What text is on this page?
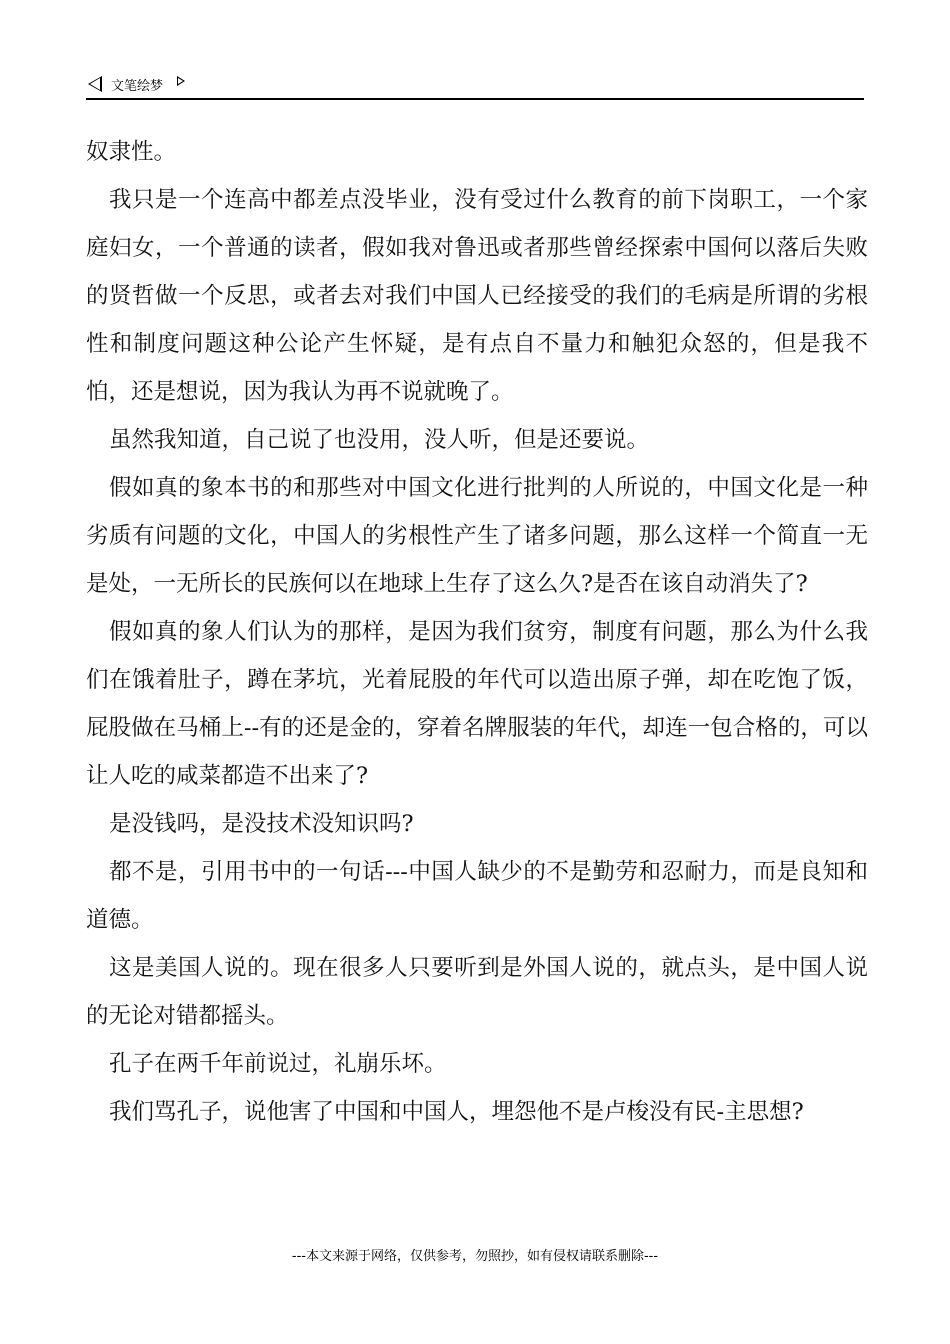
文笔绘梦

奴隶性。

我只是一个连高中都差点没毕业，没有受过什么教育的前下岗职工，一个家庭妇女，一个普通的读者，假如我对鲁迅或者那些曾经探索中国何以落后失败的贤哲做一个反思，或者去对我们中国人已经接受的我们的毛病是所谓的劣根性和制度问题这种公论产生怀疑，是有点自不量力和触犯众怒的，但是我不怕，还是想说，因为我认为再不说就晚了。

虽然我知道，自己说了也没用，没人听，但是还要说。

假如真的象本书的和那些对中国文化进行批判的人所说的，中国文化是一种劣质有问题的文化，中国人的劣根性产生了诸多问题，那么这样一个简直一无是处，一无所长的民族何以在地球上生存了这么久?是否在该自动消失了?

假如真的象人们认为的那样，是因为我们贫穷，制度有问题，那么为什么我们在饿着肚子，蹲在茅坑，光着屁股的年代可以造出原子弹，却在吃饱了饭，屁股做在马桶上--有的还是金的，穿着名牌服装的年代，却连一包合格的，可以让人吃的咸菜都造不出来了?

是没钱吗，是没技术没知识吗?

都不是，引用书中的一句话---中国人缺少的不是勤劳和忍耐力，而是良知和道德。

这是美国人说的。现在很多人只要听到是外国人说的，就点头，是中国人说的无论对错都摇头。

孔子在两千年前说过，礼崩乐坏。

我们骂孔子，说他害了中国和中国人，埋怨他不是卢梭没有民-主思想?

---本文来源于网络，仅供参考，勿照抄，如有侵权请联系删除---
